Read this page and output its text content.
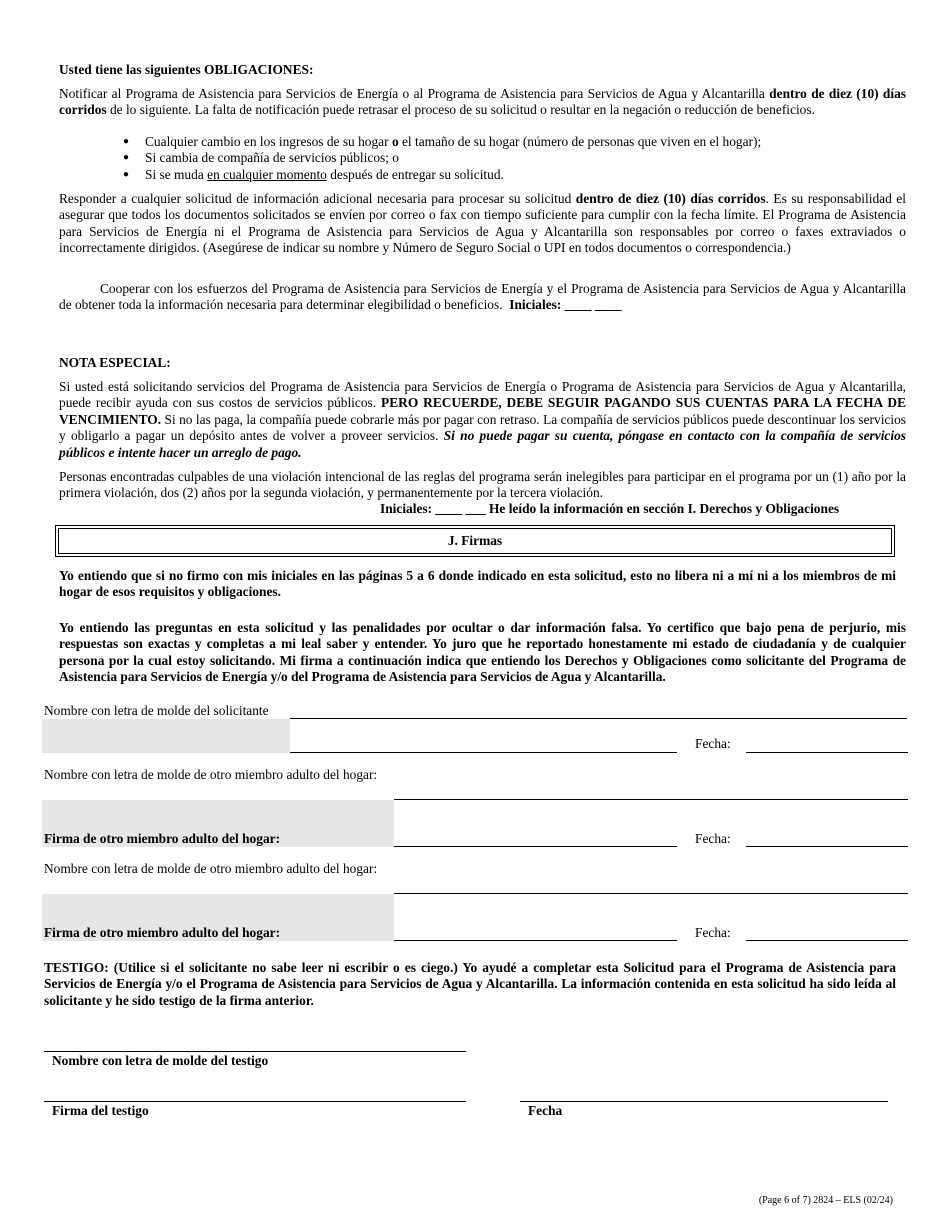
Usted tiene las siguientes OBLIGACIONES:
Notificar al Programa de Asistencia para Servicios de Energía o al Programa de Asistencia para Servicios de Agua y Alcantarilla dentro de diez (10) días corridos de lo siguiente. La falta de notificación puede retrasar el proceso de su solicitud o resultar en la negación o reducción de beneficios.
● Cualquier cambio en los ingresos de su hogar o el tamaño de su hogar (número de personas que viven en el hogar);
● Si cambia de compañía de servicios públicos; o
● Si se muda en cualquier momento después de entregar su solicitud.
Responder a cualquier solicitud de información adicional necesaria para procesar su solicitud dentro de diez (10) días corridos. Es su responsabilidad el asegurar que todos los documentos solicitados se envíen por correo o fax con tiempo suficiente para cumplir con la fecha límite. El Programa de Asistencia para Servicios de Energía ni el Programa de Asistencia para Servicios de Agua y Alcantarilla son responsables por correo o faxes extraviados o incorrectamente dirigidos. (Asegúrese de indicar su nombre y Número de Seguro Social o UPI en todos documentos o correspondencia.)
Cooperar con los esfuerzos del Programa de Asistencia para Servicios de Energía y el Programa de Asistencia para Servicios de Agua y Alcantarilla de obtener toda la información necesaria para determinar elegibilidad o beneficios. Iniciales: ____ ____
NOTA ESPECIAL:
Si usted está solicitando servicios del Programa de Asistencia para Servicios de Energía o Programa de Asistencia para Servicios de Agua y Alcantarilla, puede recibir ayuda con sus costos de servicios públicos. PERO RECUERDE, DEBE SEGUIR PAGANDO SUS CUENTAS PARA LA FECHA DE VENCIMIENTO. Si no las paga, la compañía puede cobrarle más por pagar con retraso. La compañía de servicios públicos puede descontinuar los servicios y obligarlo a pagar un depósito antes de volver a proveer servicios. Si no puede pagar su cuenta, póngase en contacto con la compañía de servicios públicos e intente hacer un arreglo de pago.
Personas encontradas culpables de una violación intencional de las reglas del programa serán inelegibles para participar en el programa por un (1) año por la primera violación, dos (2) años por la segunda violación, y permanentemente por la tercera violación.
Iniciales: ____ ___ He leído la información en sección I. Derechos y Obligaciones
J. Firmas
Yo entiendo que si no firmo con mis iniciales en las páginas 5 a 6 donde indicado en esta solicitud, esto no libera ni a mí ni a los miembros de mi hogar de esos requisitos y obligaciones.
Yo entiendo las preguntas en esta solicitud y las penalidades por ocultar o dar información falsa. Yo certifico que bajo pena de perjurio, mis respuestas son exactas y completas a mi leal saber y entender. Yo juro que he reportado honestamente mi estado de ciudadanía y de cualquier persona por la cual estoy solicitando. Mi firma a continuación indica que entiendo los Derechos y Obligaciones como solicitante del Programa de Asistencia para Servicios de Energía y/o del Programa de Asistencia para Servicios de Agua y Alcantarilla.
Nombre con letra de molde del solicitante
Fecha:
Nombre con letra de molde de otro miembro adulto del hogar:
Firma de otro miembro adulto del hogar:	Fecha:
Nombre con letra de molde de otro miembro adulto del hogar:
Firma de otro miembro adulto del hogar:	Fecha:
TESTIGO: (Utilice si el solicitante no sabe leer ni escribir o es ciego.) Yo ayudé a completar esta Solicitud para el Programa de Asistencia para Servicios de Energía y/o el Programa de Asistencia para Servicios de Agua y Alcantarilla. La información contenida en esta solicitud ha sido leída al solicitante y he sido testigo de la firma anterior.
Nombre con letra de molde del testigo
Firma del testigo	Fecha
(Page 6 of 7) 2824 – ELS (02/24)
